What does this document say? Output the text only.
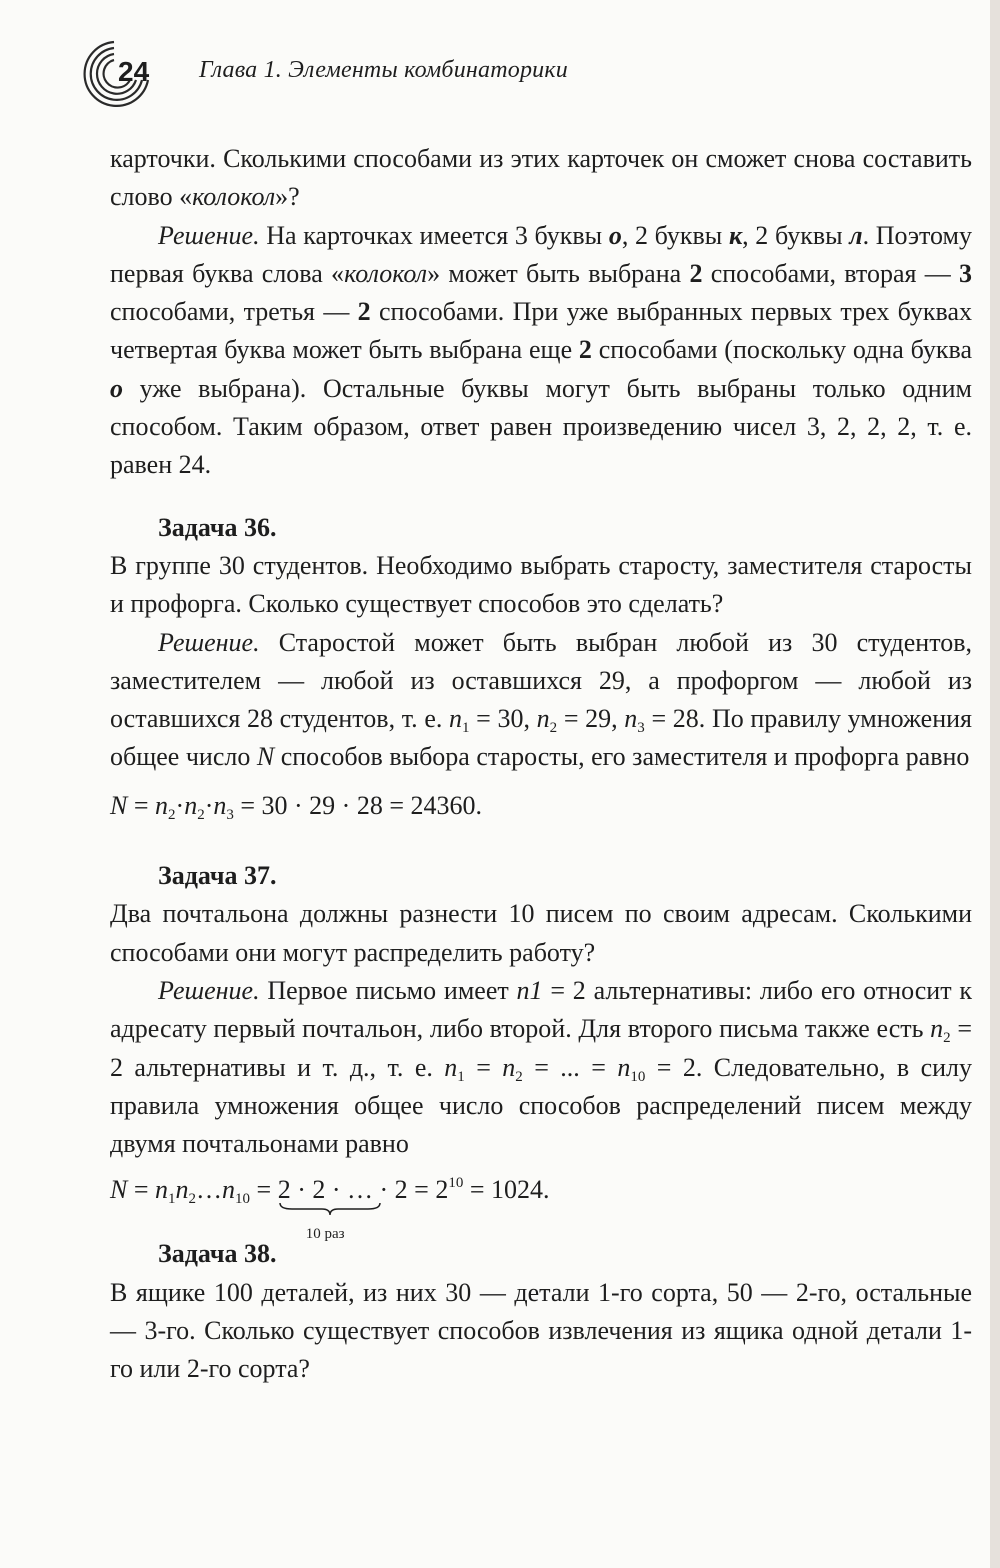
24 Глава 1. Элементы комбинаторики

карточки. Сколькими способами из этих карточек он сможет снова составить слово «колокол»?

Решение. На карточках имеется 3 буквы о, 2 буквы к, 2 буквы л. Поэтому первая буква слова «колокол» может быть выбрана 2 способами, вторая — 3 способами, третья — 2 способами. При уже выбранных первых трех буквах четвертая буква может быть выбрана еще 2 способами (поскольку одна буква о уже выбрана). Остальные буквы могут быть выбраны только одним способом. Таким образом, ответ равен произведению чисел 3, 2, 2, 2, т. е. равен 24.

Задача 36.

В группе 30 студентов. Необходимо выбрать старосту, заместителя старосты и профорга. Сколько существует способов это сделать?

Решение. Старостой может быть выбран любой из 30 студентов, заместителем — любой из оставшихся 29, а профоргом — любой из оставшихся 28 студентов, т. е. $n_1 = 30$, $n_2 = 29$, $n_3 = 28$. По правилу умножения общее число N способов выбора старосты, его заместителя и профорга равно

$N = n_2\cdot n_2\cdot n_3 = 30 \cdot 29 \cdot 28 = 24360$.

Задача 37.

Два почтальона должны разнести 10 писем по своим адресам. Сколькими способами они могут распределить работу?

Решение. Первое письмо имеет n1 = 2 альтернативы: либо его относит к адресату первый почтальон, либо второй. Для второго письма также есть $n_2 = 2$ альтернативы и т. д., т. е. $n_1 = n_2$ = ... = $n_{10} = 2$. Следовательно, в силу правила умножения общее число способов распределений писем между двумя почтальонами равно

$N = n_1n_2\dots n_{10} = 2 \cdot 2$ · … · 2
10 раз
= $2^{10} = 1024$.

Задача 38.

В ящике 100 деталей, из них 30 — детали 1-го сорта, 50 — 2-го, остальные — 3-го. Сколько существует способов извлечения из ящика одной детали 1-го или 2-го сорта?
